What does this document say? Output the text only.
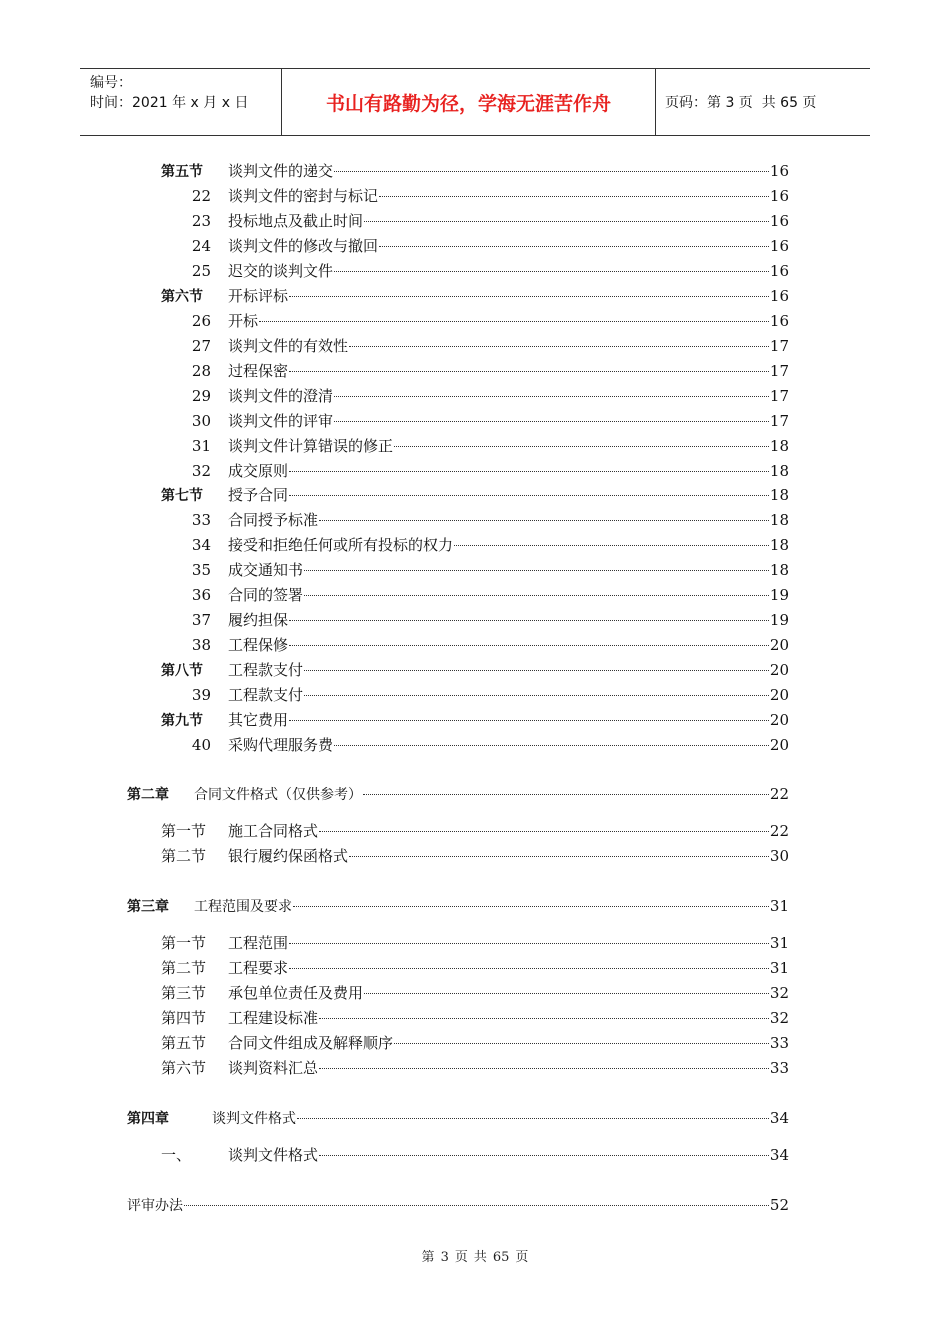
编号：
时间：2021 年 x 月 x 日	书山有路勤为径，学海无涯苦作舟	页码：第 3 页  共 65 页
第五节	谈判文件的递交	16
22 谈判文件的密封与标记	16
23 投标地点及截止时间	16
24 谈判文件的修改与撤回	16
25 迟交的谈判文件	16
第六节	开标评标	16
26 开标	16
27 谈判文件的有效性	17
28 过程保密	17
29 谈判文件的澄清	17
30 谈判文件的评审	17
31 谈判文件计算错误的修正	18
32 成交原则	18
第七节	授予合同	18
33 合同授予标准	18
34 接受和拒绝任何或所有投标的权力	18
35 成交通知书	18
36 合同的签署	19
37 履约担保	19
38 工程保修	20
第八节	工程款支付	20
39 工程款支付	20
第九节	其它费用	20
40 采购代理服务费	20
第二章	合同文件格式（仅供参考）	22
第一节	施工合同格式	22
第二节	银行履约保函格式	30
第三章	工程范围及要求	31
第一节	工程范围	31
第二节	工程要求	31
第三节	承包单位责任及费用	32
第四节	工程建设标准	32
第五节	合同文件组成及解释顺序	33
第六节	谈判资料汇总	33
第四章	谈判文件格式	34
一、	谈判文件格式	34
评审办法	52
第 3 页 共 65 页
